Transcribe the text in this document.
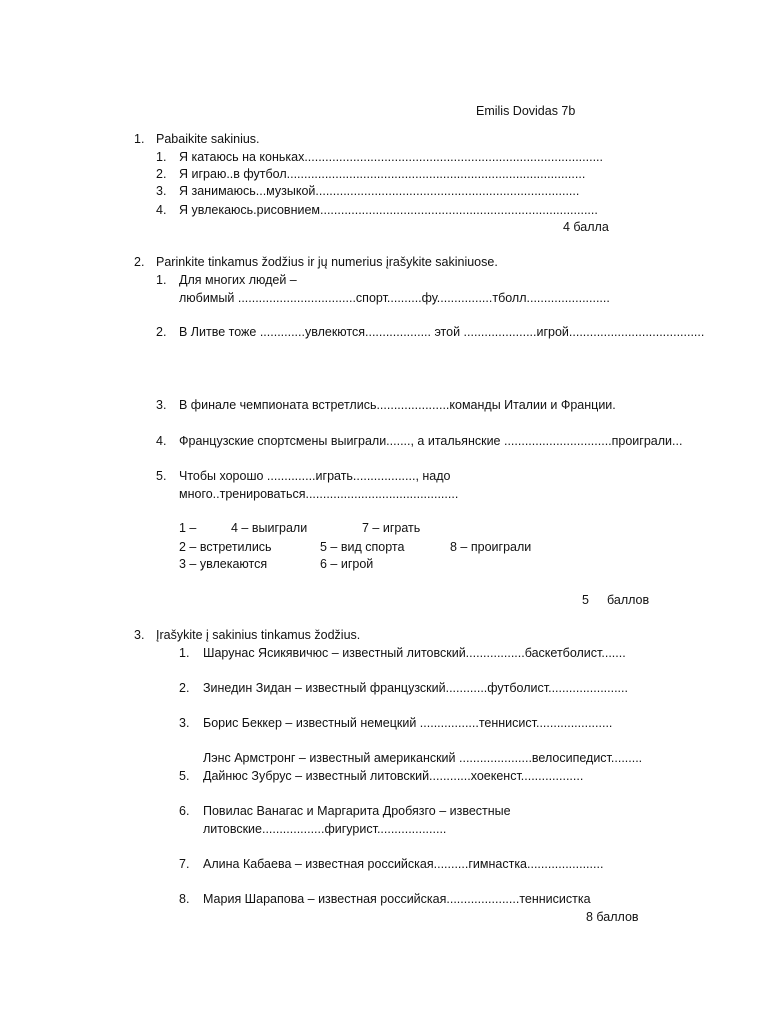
Emilis Dovidas 7b
1. Pabaikite sakinius.
1. Я катаюсь на коньках......................................................................................
2. Я играю..в футбол......................................................................................
3. Я занимаюсь...музыкой............................................................................
4. Я увлекаюсь.рисовнием................................................................................
4 балла
2. Parinkite tinkamus žodžius ir jų numerius įrašykite sakiniuose.
1. Для многих людей –
любимый ..................................спорт..........фу................тболл........................
2. В Литве тоже .............увлекются................... этой .....................игрой.......................................
3. В финале чемпионата встретлись.....................команды Италии и Франции.
4. Французские спортсмены выиграли......., а итальянские ...............................проиграли...
5. Чтобы хорошо ..............играть.................., надо
много..тренироваться............................................
1 –	4 – выиграли	7 – играть
2 – встретились	5 – вид спорта	8 – проиграли
3 – увлекаются	6 – игрой
5 баллов
3. Įrašykite į sakinius tinkamus žodžius.
1. Шарунас Ясикявичюс – известный литовский.................баскетболист.......
2. Зинедин Зидан – известный французский............футболист.......................
3. Борис Беккер – известный немецкий .................теннисист......................
Лэнс Армстронг – известный американский .....................велосипедист.........
5. Дайнюс Зубрус – известный литовский............хоекенст..................
6. Повилас Ванагас и Маргарита Дробязго – известные
литовские..................фигурист....................
7. Алина Кабаева – известная российская..........гимнастка......................
8. Мария Шарапова – известная российская.....................теннисистка
8 баллов
